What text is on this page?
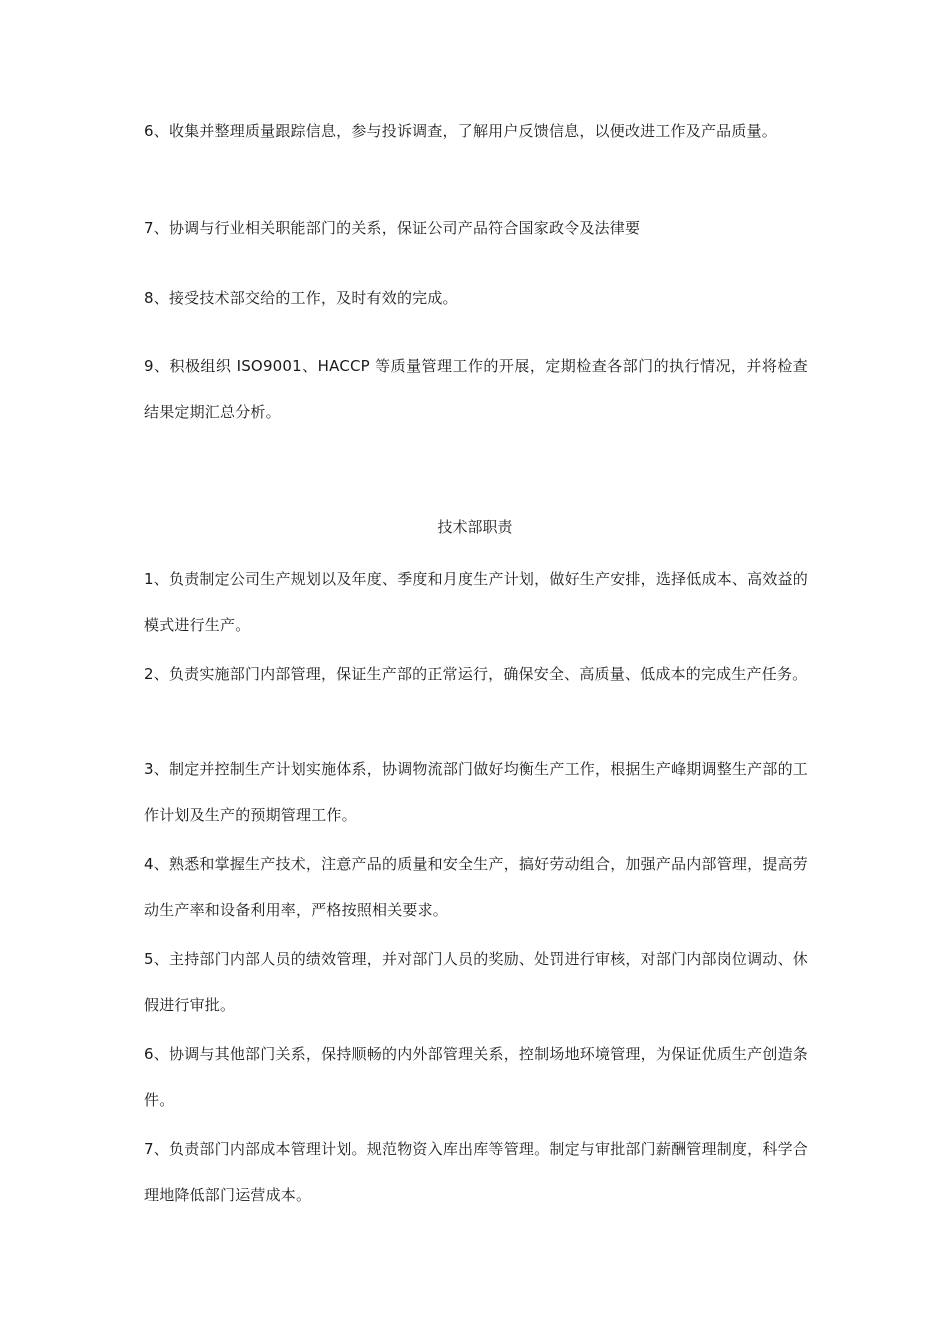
6、收集并整理质量跟踪信息，参与投诉调查，了解用户反馈信息，以便改进工作及产品质量。

7、协调与行业相关职能部门的关系，保证公司产品符合国家政令及法律要

8、接受技术部交给的工作，及时有效的完成。

9、积极组织 ISO9001、HACCP 等质量管理工作的开展，定期检查各部门的执行情况，并将检查结果定期汇总分析。

技术部职责

1、负责制定公司生产规划以及年度、季度和月度生产计划，做好生产安排，选择低成本、高效益的模式进行生产。

2、负责实施部门内部管理，保证生产部的正常运行，确保安全、高质量、低成本的完成生产任务。

3、制定并控制生产计划实施体系，协调物流部门做好均衡生产工作，根据生产峰期调整生产部的工作计划及生产的预期管理工作。

4、熟悉和掌握生产技术，注意产品的质量和安全生产，搞好劳动组合，加强产品内部管理，提高劳动生产率和设备利用率，严格按照相关要求。

5、主持部门内部人员的绩效管理，并对部门人员的奖励、处罚进行审核，对部门内部岗位调动、休假进行审批。

6、协调与其他部门关系，保持顺畅的内外部管理关系，控制场地环境管理，为保证优质生产创造条件。

7、负责部门内部成本管理计划。规范物资入库出库等管理。制定与审批部门薪酬管理制度，科学合理地降低部门运营成本。
